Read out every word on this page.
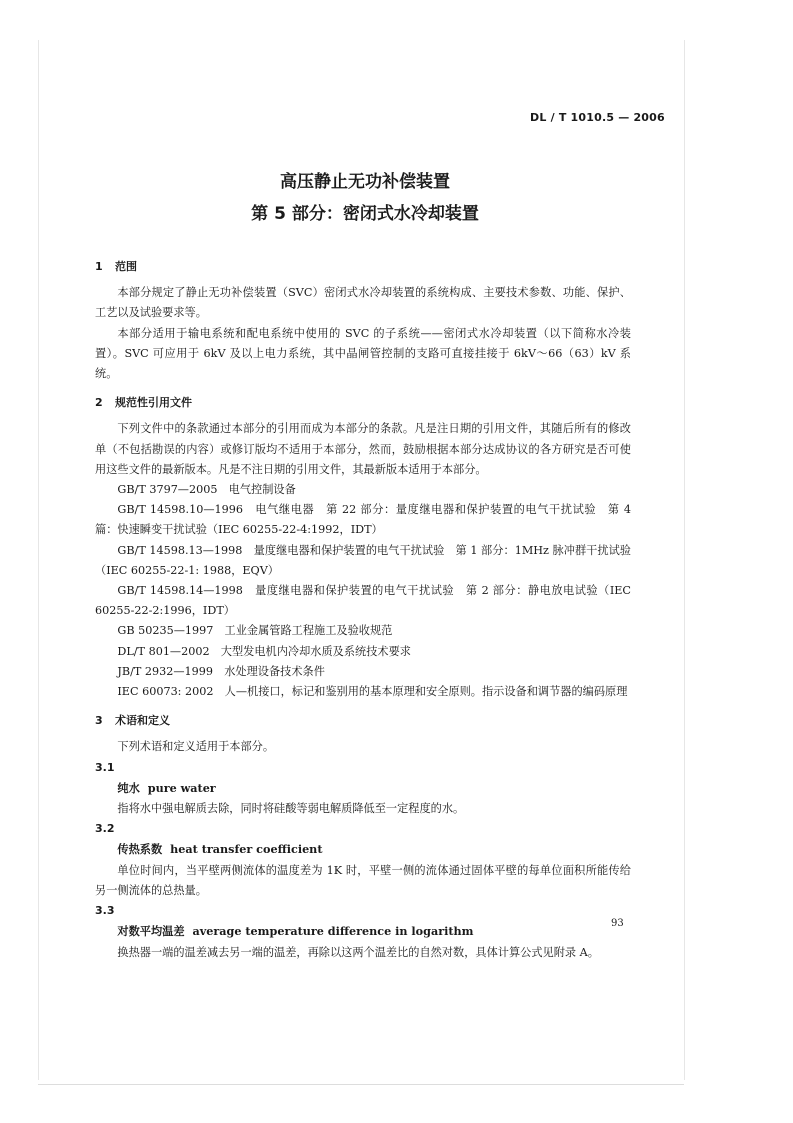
DL / T 1010.5 — 2006
高压静止无功补偿装置
第 5 部分：密闭式水冷却装置

1 范围

本部分规定了静止无功补偿装置（SVC）密闭式水冷却装置的系统构成、主要技术参数、功能、保护、工艺以及试验要求等。

本部分适用于输电系统和配电系统中使用的 SVC 的子系统——密闭式水冷却装置（以下简称水冷装置）。SVC 可应用于 6kV 及以上电力系统，其中晶闸管控制的支路可直接挂接于 6kV～66（63）kV 系统。

2 规范性引用文件

下列文件中的条款通过本部分的引用而成为本部分的条款。凡是注日期的引用文件，其随后所有的修改单（不包括勘误的内容）或修订版均不适用于本部分，然而，鼓励根据本部分达成协议的各方研究是否可使用这些文件的最新版本。凡是不注日期的引用文件，其最新版本适用于本部分。

GB/T 3797—2005　电气控制设备

GB/T 14598.10—1996　电气继电器　第 22 部分：量度继电器和保护装置的电气干扰试验　第 4 篇：快速瞬变干扰试验（IEC 60255-22-4:1992，IDT）

GB/T 14598.13—1998　量度继电器和保护装置的电气干扰试验　第 1 部分：1MHz 脉冲群干扰试验（IEC 60255-22-1: 1988，EQV）

GB/T 14598.14—1998　量度继电器和保护装置的电气干扰试验　第 2 部分：静电放电试验（IEC 60255-22-2:1996，IDT）

GB 50235—1997　工业金属管路工程施工及验收规范

DL/T 801—2002　大型发电机内冷却水质及系统技术要求

JB/T 2932—1999　水处理设备技术条件

IEC 60073: 2002　人—机接口，标记和鉴别用的基本原理和安全原则。指示设备和调节器的编码原理

3 术语和定义

下列术语和定义适用于本部分。

3.1

纯水 pure water

指将水中强电解质去除，同时将硅酸等弱电解质降低至一定程度的水。

3.2

传热系数 heat transfer coefficient

单位时间内，当平壁两侧流体的温度差为 1K 时，平壁一侧的流体通过固体平壁的每单位面积所能传给另一侧流体的总热量。

3.3

对数平均温差 average temperature difference in logarithm

换热器一端的温差减去另一端的温差，再除以这两个温差比的自然对数，具体计算公式见附录 A。

93
